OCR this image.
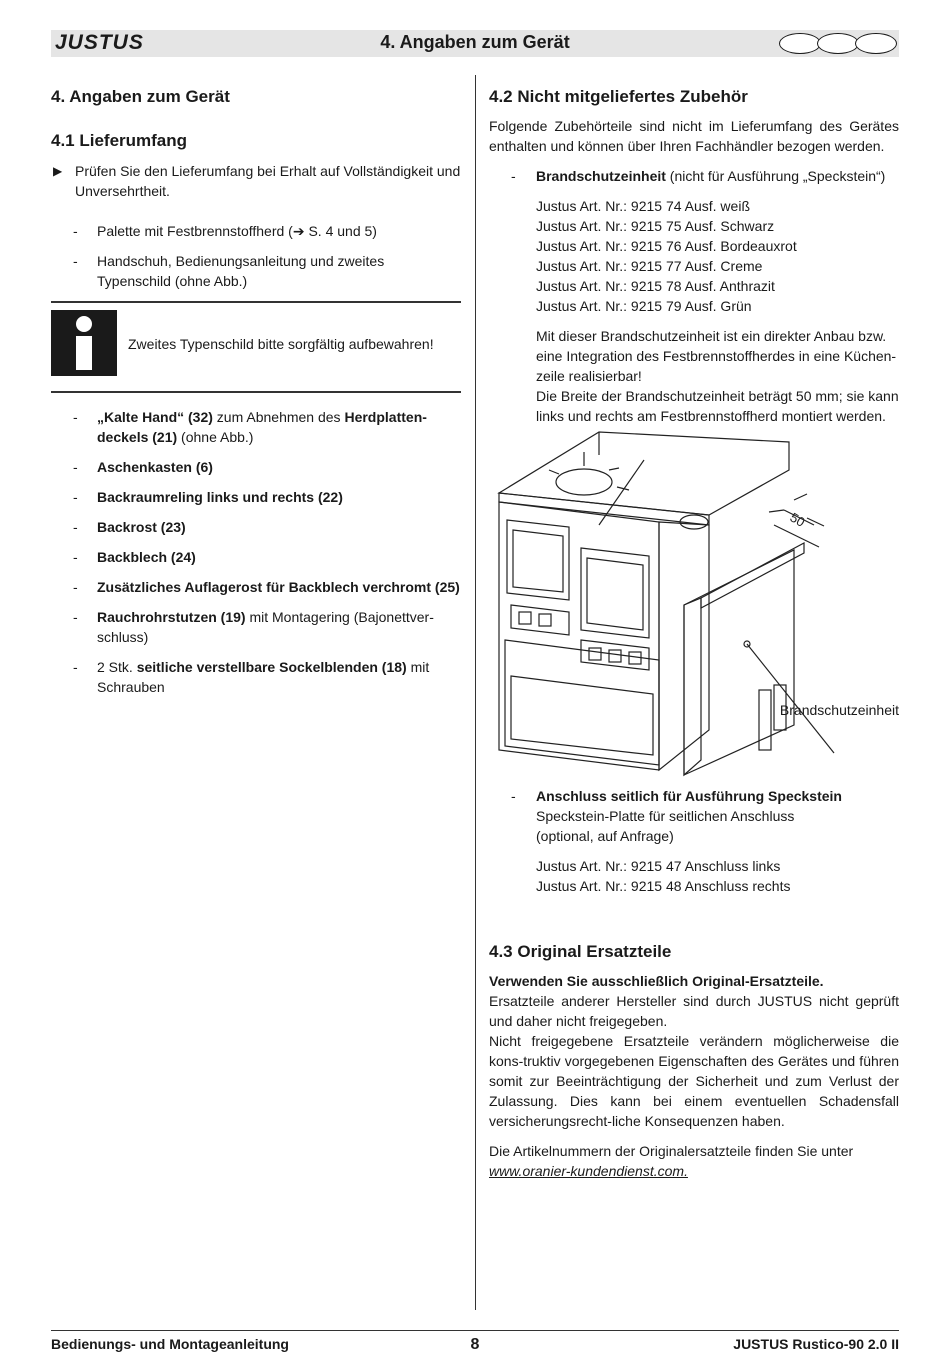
JUSTUS	4. Angaben zum Gerät
4. Angaben zum Gerät
4.1 Lieferumfang
▶ Prüfen Sie den Lieferumfang bei Erhalt auf Vollständigkeit und Unversehrtheit.
- Palette mit Festbrennstoffherd (➔ S. 4 und 5)
- Handschuh, Bedienungsanleitung und zweites Typenschild (ohne Abb.)
Zweites Typenschild bitte sorgfältig aufbewahren!
- „Kalte Hand“ (32) zum Abnehmen des Herdplatten-deckels (21) (ohne Abb.)
- Aschenkasten (6)
- Backraumreling links und rechts (22)
- Backrost (23)
- Backblech (24)
- Zusätzliches Auflagerost für Backblech verchromt (25)
- Rauchrohrstutzen (19) mit Montagering (Bajonettver-schluss)
- 2 Stk. seitliche verstellbare Sockelblenden (18) mit Schrauben
4.2 Nicht mitgeliefertes Zubehör
Folgende Zubehörteile sind nicht im Lieferumfang des Gerätes enthalten und können über Ihren Fachhändler bezogen werden.
- Brandschutzeinheit (nicht für Ausführung „Speckstein“)
Justus Art. Nr.: 9215 74 Ausf. weiß
Justus Art. Nr.: 9215 75 Ausf. Schwarz
Justus Art. Nr.: 9215 76 Ausf. Bordeauxrot
Justus Art. Nr.: 9215 77 Ausf. Creme
Justus Art. Nr.: 9215 78 Ausf. Anthrazit
Justus Art. Nr.: 9215 79 Ausf. Grün
Mit dieser Brandschutzeinheit ist ein direkter Anbau bzw. eine Integration des Festbrennstoffherdes in eine Küchen-zeile realisierbar!
Die Breite der Brandschutzeinheit beträgt 50 mm; sie kann links und rechts am Festbrennstoffherd montiert werden.
50
Brandschutzeinheit
- Anschluss seitlich für Ausführung Speckstein
Speckstein-Platte für seitlichen Anschluss
(optional, auf Anfrage)
Justus Art. Nr.: 9215 47 Anschluss links
Justus Art. Nr.: 9215 48 Anschluss rechts
4.3 Original Ersatzteile
Verwenden Sie ausschließlich Original-Ersatzteile.
Ersatzteile anderer Hersteller sind durch JUSTUS nicht geprüft und daher nicht freigegeben.
Nicht freigegebene Ersatzteile verändern möglicherweise die kons-truktiv vorgegebenen Eigenschaften des Gerätes und führen somit zur Beeinträchtigung der Sicherheit und zum Verlust der Zulassung. Dies kann bei einem eventuellen Schadensfall versicherungsrecht-liche Konsequenzen haben.
Die Artikelnummern der Originalersatzteile finden Sie unter
www.oranier-kundendienst.com.
Bedienungs- und Montageanleitung	8	JUSTUS Rustico-90 2.0 II
